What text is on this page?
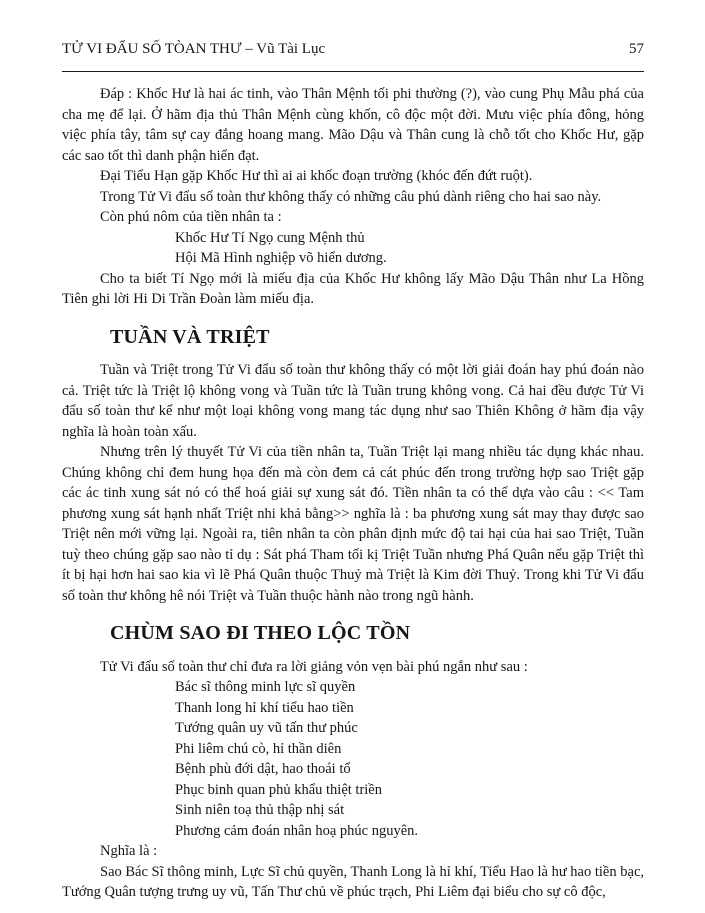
TỬ VI ĐẨU SỐ TÒAN THƯ – Vũ Tài Lục	57

Đáp : Khốc Hư là hai ác tinh, vào Thân Mệnh tối phi thường (?), vào cung Phụ Mẫu phá của cha mẹ để lại. Ở hãm địa thủ Thân Mệnh cùng khốn, cô độc một đời. Mưu việc phía đông, hỏng việc phía tây, tâm sự cay đắng hoang mang. Mão Dậu và Thân cung là chỗ tốt cho Khốc Hư, gặp các sao tốt thì danh phận hiển đạt.

Đại Tiểu Hạn gặp Khốc Hư thì ai ai khốc đoạn trường (khóc đến đứt ruột).

Trong Tử Vi đẩu số toàn thư không thấy có những câu phú dành riêng cho hai sao này.

Còn phú nôm của tiền nhân ta :

Khốc Hư Tí Ngọ cung Mệnh thủ

Hội Mã Hình nghiệp võ hiển dương.

Cho ta biết Tí Ngọ mới là miếu địa của Khốc Hư không lấy Mão Dậu Thân như La Hồng Tiên ghi lời Hi Di Trần Đoàn làm miếu địa.

TUẦN VÀ TRIỆT

Tuần và Triệt trong Tử Vi đẩu số toàn thư không thấy có một lời giải đoán hay phú đoán nào cả. Triệt tức là Triệt lộ không vong và Tuần tức là Tuần trung không vong. Cả hai đều được Tử Vi đẩu số toàn thư kể như một loại không vong mang tác dụng như sao Thiên Không ở hãm địa vậy nghĩa là hoàn toàn xấu.

Nhưng trên lý thuyết Tử Vi của tiền nhân ta, Tuần Triệt lại mang nhiều tác dụng khác nhau. Chúng không chỉ đem hung họa đến mà còn đem cả cát phúc đến trong trường hợp sao Triệt gặp các ác tinh xung sát nó có thể hoá giải sự xung sát đó. Tiền nhân ta có thể dựa vào câu : << Tam phương xung sát hạnh nhất Triệt nhi khả bằng>> nghĩa là : ba phương xung sát may thay được sao Triệt nên mới vững lại. Ngoài ra, tiên nhân ta còn phân định mức độ tai hại của hai sao Triệt, Tuần tuỳ theo chúng gặp sao nào tỉ dụ : Sát phá Tham tối kị Triệt Tuần nhưng Phá Quân nếu gặp Triệt thì ít bị hại hơn hai sao kia vì lẽ Phá Quân thuộc Thuỷ mà Triệt là Kim đời Thuỷ. Trong khi Tử Vi đẩu số toàn thư không hê nói Triệt và Tuần thuộc hành nào trong ngũ hành.

CHÙM SAO ĐI THEO LỘC TỒN

Tử Vi đẩu số toàn thư chỉ đưa ra lời giảng vỏn vẹn bài phú ngắn như sau :

Bác sĩ thông minh lực sĩ quyền

Thanh long hỉ khí tiểu hao tiền

Tướng quân uy vũ tấn thư phúc

Phi liêm chú cò, hỉ thần diên

Bệnh phù đới dật, hao thoái tổ

Phục binh quan phủ khẩu thiệt triền

Sinh niên toạ thủ thập nhị sát

Phương cảm đoán nhân hoạ phúc nguyên.

Nghĩa là :

Sao Bác Sĩ thông minh, Lực Sĩ chủ quyền, Thanh Long là hỉ khí, Tiểu Hao là hư hao tiền bạc, Tướng Quân tượng trưng uy vũ, Tấn Thư chủ về phúc trạch, Phi Liêm đại biểu cho sự cô độc,
